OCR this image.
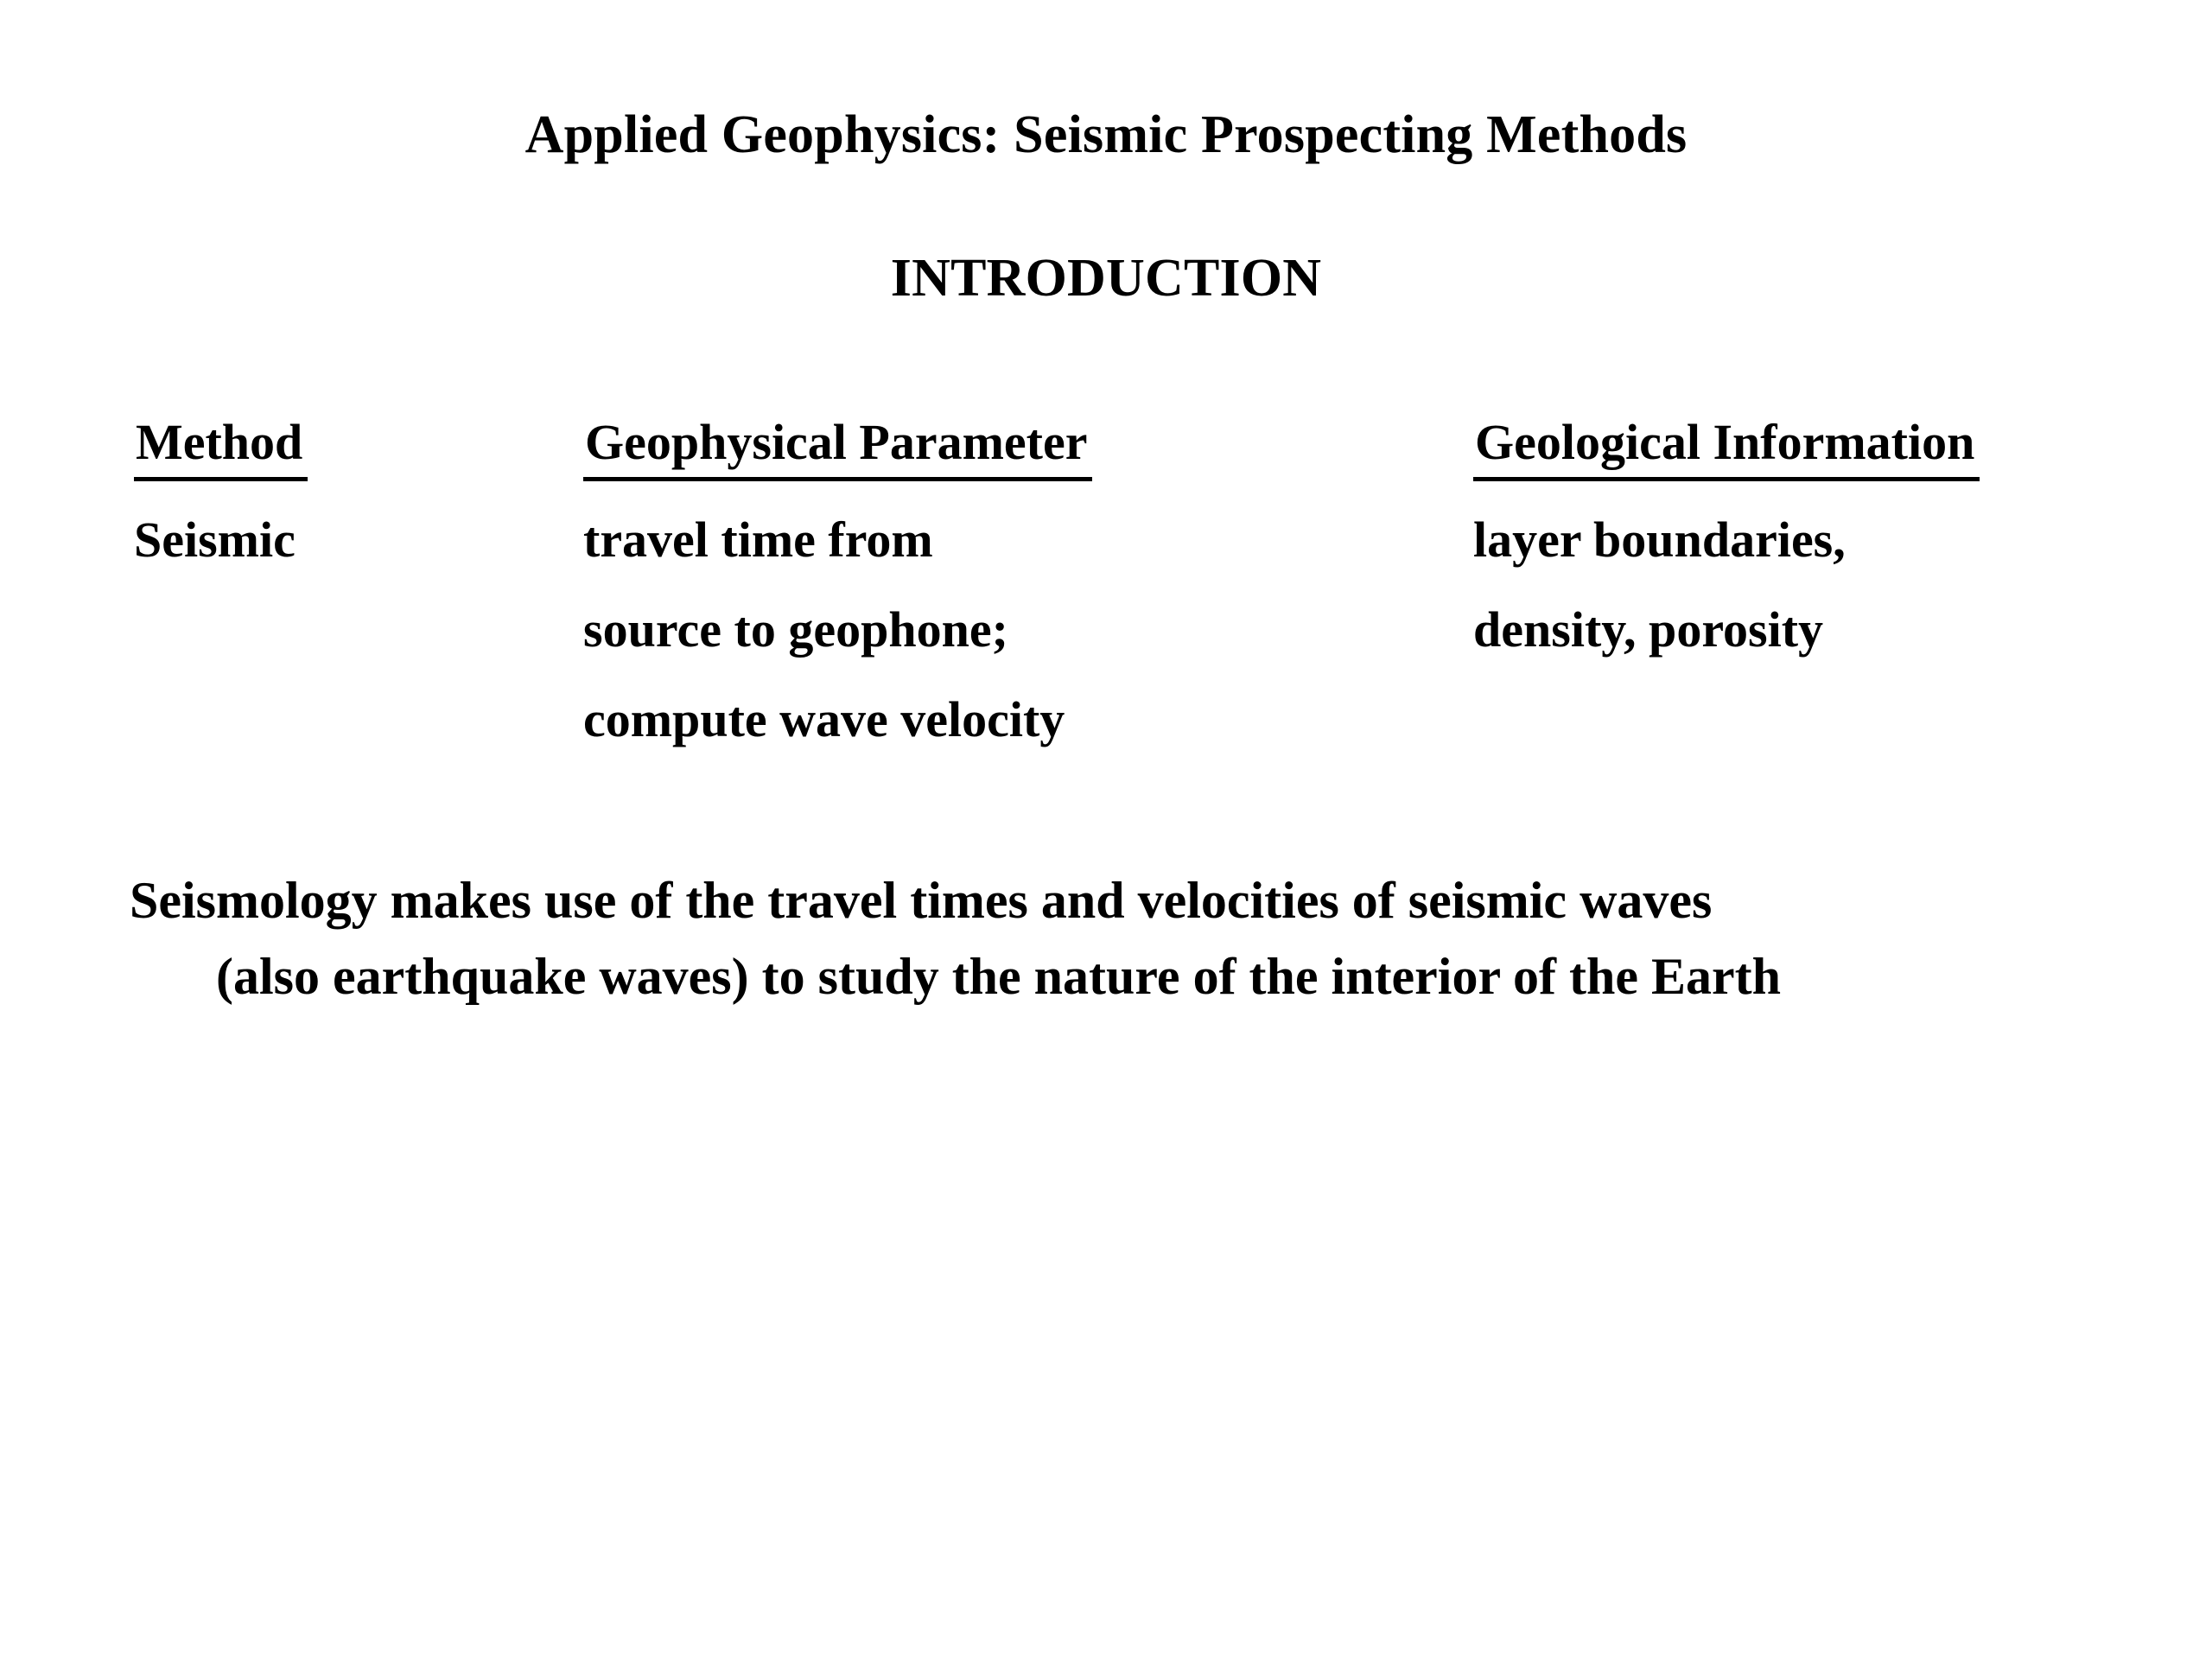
Applied Geophysics: Seismic Prospecting Methods
INTRODUCTION
Method
Seismic
Geophysical Parameter
travel time from
source to geophone;
compute wave velocity
Geological Information
layer boundaries,
density, porosity
Seismology makes use of the travel times and velocities of seismic waves
(also earthquake waves) to study the nature of the interior of the Earth
